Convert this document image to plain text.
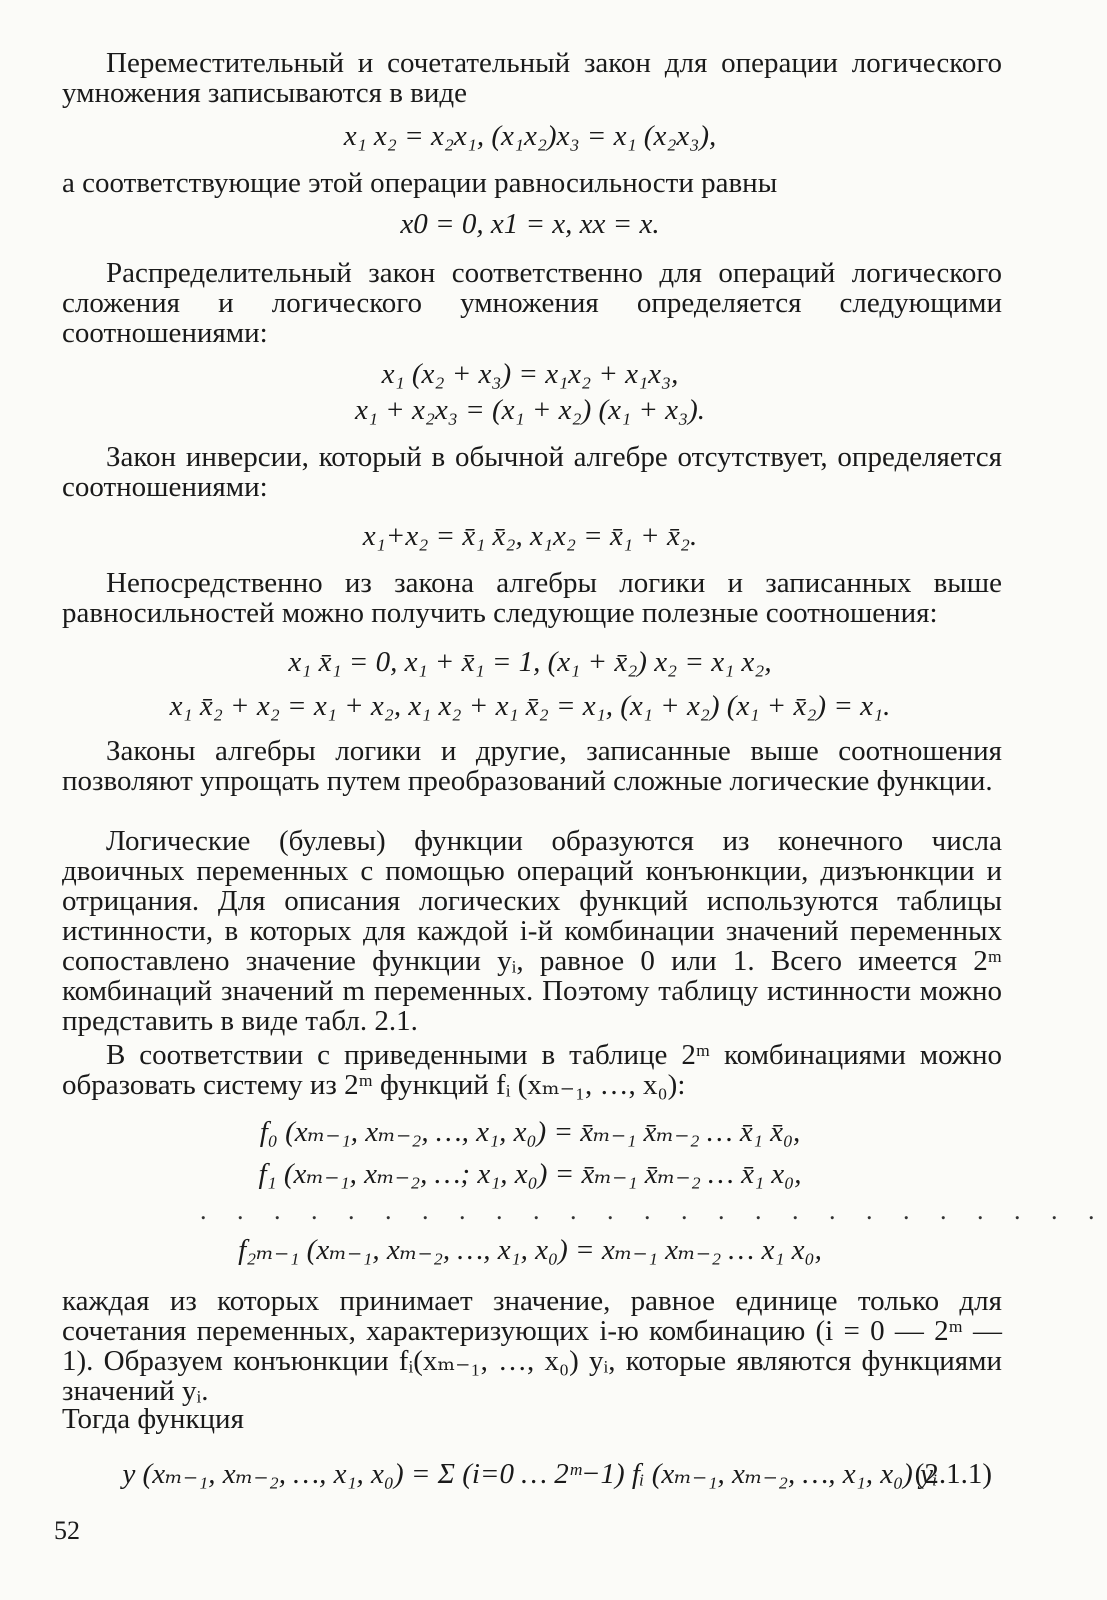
Переместительный и сочетательный закон для операции логического умножения записываются в виде
x₁ x₂ = x₂x₁, (x₁x₂)x₃ = x₁ (x₂x₃),
а соответствующие этой операции равносильности равны
x0 = 0, x1 = x, xx = x.
Распределительный закон соответственно для операций логического сложения и логического умножения определяется следующими соотношениями:
x₁ (x₂ + x₃) = x₁x₂ + x₁x₃,
x₁ + x₂x₃ = (x₁ + x₂) (x₁ + x₃).
Закон инверсии, который в обычной алгебре отсутствует, определяется соотношениями:
x₁+x₂ = x̄₁ x̄₂, x₁x₂ = x̄₁ + x̄₂.
Непосредственно из закона алгебры логики и записанных выше равносильностей можно получить следующие полезные соотношения:
x₁ x̄₁ = 0, x₁ + x̄₁ = 1, (x₁ + x̄₂) x₂ = x₁ x₂,
x₁ x̄₂ + x₂ = x₁ + x₂, x₁ x₂ + x₁ x̄₂ = x₁, (x₁ + x₂) (x₁ + x̄₂) = x₁.
Законы алгебры логики и другие, записанные выше соотношения позволяют упрощать путем преобразований сложные логические функции.
Логические (булевы) функции образуются из конечного числа двоичных переменных с помощью операций конъюнкции, дизъюнкции и отрицания. Для описания логических функций используются таблицы истинности, в которых для каждой i-й комбинации значений переменных сопоставлено значение функции yᵢ, равное 0 или 1. Всего имеется 2ᵐ комбинаций значений m переменных. Поэтому таблицу истинности можно представить в виде табл. 2.1.
В соответствии с приведенными в таблице 2ᵐ комбинациями можно образовать систему из 2ᵐ функций fᵢ (xₘ₋₁, …, x₀):
f₀ (xₘ₋₁, xₘ₋₂, …, x₁, x₀) = x̄ₘ₋₁ x̄ₘ₋₂ … x̄₁ x̄₀,
f₁ (xₘ₋₁, xₘ₋₂, …; x₁, x₀) = x̄ₘ₋₁ x̄ₘ₋₂ … x̄₁ x₀,
. . . . . . . . . . . . . . . . . . . . . . . . .
f₂ₘ₋₁ (xₘ₋₁, xₘ₋₂, …, x₁, x₀) = xₘ₋₁ xₘ₋₂ … x₁ x₀,
каждая из которых принимает значение, равное единице только для сочетания переменных, характеризующих i-ю комбинацию (i = 0 — 2ᵐ — 1). Образуем конъюнкции fᵢ(xₘ₋₁, …, x₀) yᵢ, которые являются функциями значений yᵢ.
Тогда функция
y (xₘ₋₁, xₘ₋₂, …, x₁, x₀) = Σ (i=0 … 2ᵐ−1) fᵢ (xₘ₋₁, xₘ₋₂, …, x₁, x₀) yᵢ
(2.1.1)
52
